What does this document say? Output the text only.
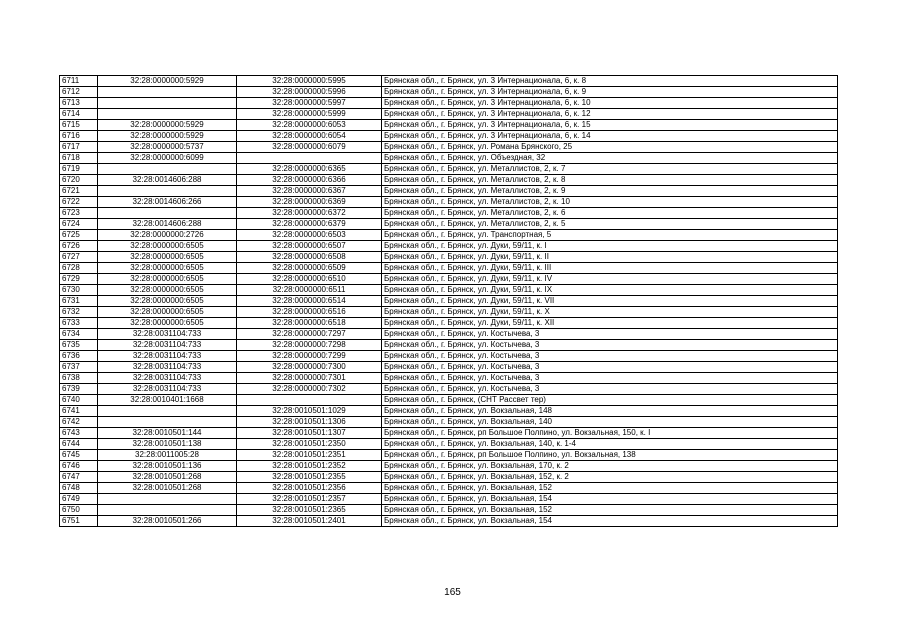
6711	32:28:0000000:5929	32:28:0000000:5995	Брянская обл., г. Брянск, ул. 3 Интернационала, 6, к. 8
6712		32:28:0000000:5996	Брянская обл., г. Брянск, ул. 3 Интернационала, 6, к. 9
6713		32:28:0000000:5997	Брянская обл., г. Брянск, ул. 3 Интернационала, 6, к. 10
6714		32:28:0000000:5999	Брянская обл., г. Брянск, ул. 3 Интернационала, 6, к. 12
6715	32:28:0000000:5929	32:28:0000000:6053	Брянская обл., г. Брянск, ул. 3 Интернационала, 6, к. 15
6716	32:28:0000000:5929	32:28:0000000:6054	Брянская обл., г. Брянск, ул. 3 Интернационала, 6, к. 14
6717	32:28:0000000:5737	32:28:0000000:6079	Брянская обл., г. Брянск, ул. Романа Брянского, 25
6718	32:28:0000000:6099		Брянская обл., г. Брянск, ул. Объездная, 32
6719		32:28:0000000:6365	Брянская обл., г. Брянск, ул. Металлистов, 2, к. 7
6720	32:28:0014606:288	32:28:0000000:6366	Брянская обл., г. Брянск, ул. Металлистов, 2, к. 8
6721		32:28:0000000:6367	Брянская обл., г. Брянск, ул. Металлистов, 2, к. 9
6722	32:28:0014606:266	32:28:0000000:6369	Брянская обл., г. Брянск, ул. Металлистов, 2, к. 10
6723		32:28:0000000:6372	Брянская обл., г. Брянск, ул. Металлистов, 2, к. 6
6724	32:28:0014606:288	32:28:0000000:6379	Брянская обл., г. Брянск, ул. Металлистов, 2, к. 5
6725	32:28:0000000:2726	32:28:0000000:6503	Брянская обл., г. Брянск, ул. Транспортная, 5
6726	32:28:0000000:6505	32:28:0000000:6507	Брянская обл., г. Брянск, ул. Дуки, 59/11, к. I
6727	32:28:0000000:6505	32:28:0000000:6508	Брянская обл., г. Брянск, ул. Дуки, 59/11, к. II
6728	32:28:0000000:6505	32:28:0000000:6509	Брянская обл., г. Брянск, ул. Дуки, 59/11, к. III
6729	32:28:0000000:6505	32:28:0000000:6510	Брянская обл., г. Брянск, ул. Дуки, 59/11, к. IV
6730	32:28:0000000:6505	32:28:0000000:6511	Брянская обл., г. Брянск, ул. Дуки, 59/11, к. IX
6731	32:28:0000000:6505	32:28:0000000:6514	Брянская обл., г. Брянск, ул. Дуки, 59/11, к. VII
6732	32:28:0000000:6505	32:28:0000000:6516	Брянская обл., г. Брянск, ул. Дуки, 59/11, к. X
6733	32:28:0000000:6505	32:28:0000000:6518	Брянская обл., г. Брянск, ул. Дуки, 59/11, к. XII
6734	32:28:0031104:733	32:28:0000000:7297	Брянская обл., г. Брянск, ул. Костычева, 3
6735	32:28:0031104:733	32:28:0000000:7298	Брянская обл., г. Брянск, ул. Костычева, 3
6736	32:28:0031104:733	32:28:0000000:7299	Брянская обл., г. Брянск, ул. Костычева, 3
6737	32:28:0031104:733	32:28:0000000:7300	Брянская обл., г. Брянск, ул. Костычева, 3
6738	32:28:0031104:733	32:28:0000000:7301	Брянская обл., г. Брянск, ул. Костычева, 3
6739	32:28:0031104:733	32:28:0000000:7302	Брянская обл., г. Брянск, ул. Костычева, 3
6740	32:28:0010401:1668		Брянская обл., г. Брянск, (СНТ Рассвет тер)
6741		32:28:0010501:1029	Брянская обл., г. Брянск, ул. Вокзальная, 148
6742		32:28:0010501:1306	Брянская обл., г. Брянск, ул. Вокзальная, 140
6743	32:28:0010501:144	32:28:0010501:1307	Брянская обл., г. Брянск, рп Большое Полпино, ул. Вокзальная, 150, к. I
6744	32:28:0010501:138	32:28:0010501:2350	Брянская обл., г. Брянск, ул. Вокзальная, 140, к. 1-4
6745	32:28:0011005:28	32:28:0010501:2351	Брянская обл., г. Брянск, рп Большое Полпино, ул. Вокзальная, 138
6746	32:28:0010501:136	32:28:0010501:2352	Брянская обл., г. Брянск, ул. Вокзальная, 170, к. 2
6747	32:28:0010501:268	32:28:0010501:2355	Брянская обл., г. Брянск, ул. Вокзальная, 152, к. 2
6748	32:28:0010501:268	32:28:0010501:2356	Брянская обл., г. Брянск, ул. Вокзальная, 152
6749		32:28:0010501:2357	Брянская обл., г. Брянск, ул. Вокзальная, 154
6750		32:28:0010501:2365	Брянская обл., г. Брянск, ул. Вокзальная, 152
6751	32:28:0010501:266	32:28:0010501:2401	Брянская обл., г. Брянск, ул. Вокзальная, 154
165
